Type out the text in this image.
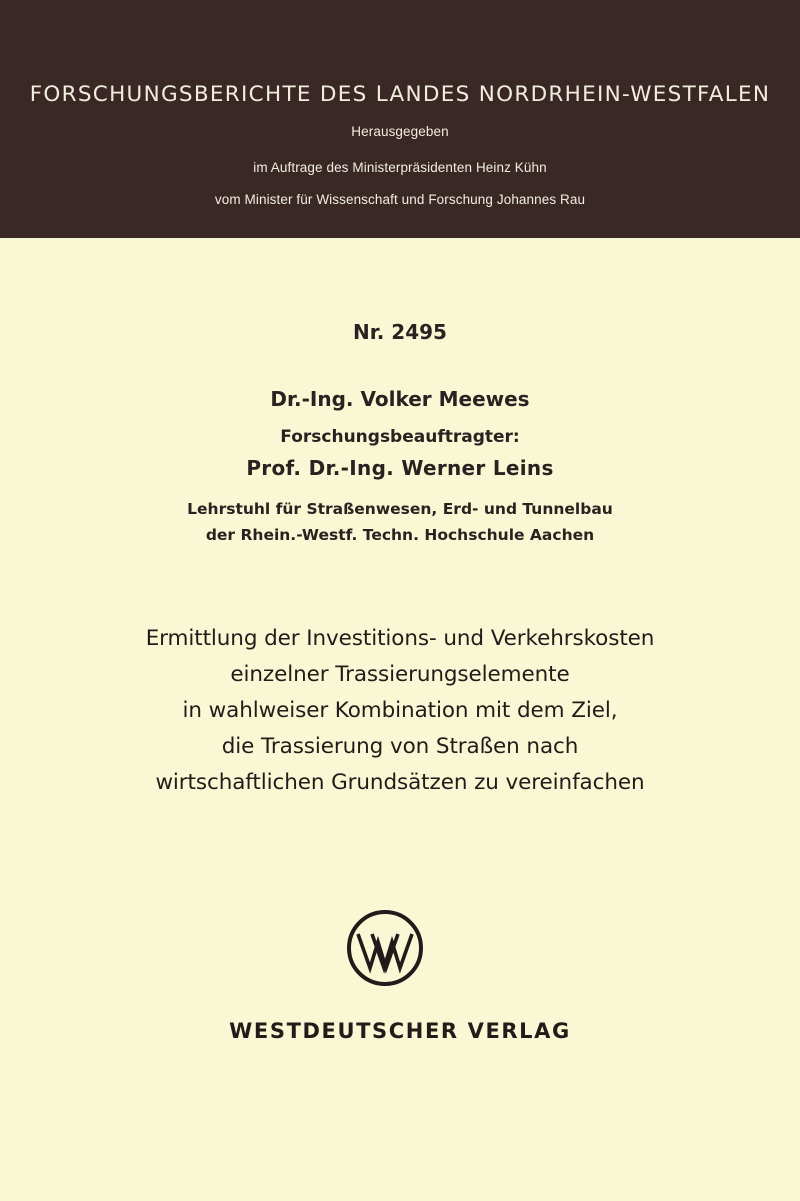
FORSCHUNGSBERICHTE DES LANDES NORDRHEIN-WESTFALEN
Herausgegeben
im Auftrage des Ministerpräsidenten Heinz Kühn
vom Minister für Wissenschaft und Forschung Johannes Rau
Nr. 2495
Dr.-Ing. Volker Meewes
Forschungsbeauftragter:
Prof. Dr.-Ing. Werner Leins
Lehrstuhl für Straßenwesen, Erd- und Tunnelbau
der Rhein.-Westf. Techn. Hochschule Aachen
Ermittlung der Investitions- und Verkehrskosten
einzelner Trassierungselemente
in wahlweiser Kombination mit dem Ziel,
die Trassierung von Straßen nach
wirtschaftlichen Grundsätzen zu vereinfachen
WESTDEUTSCHER VERLAG
